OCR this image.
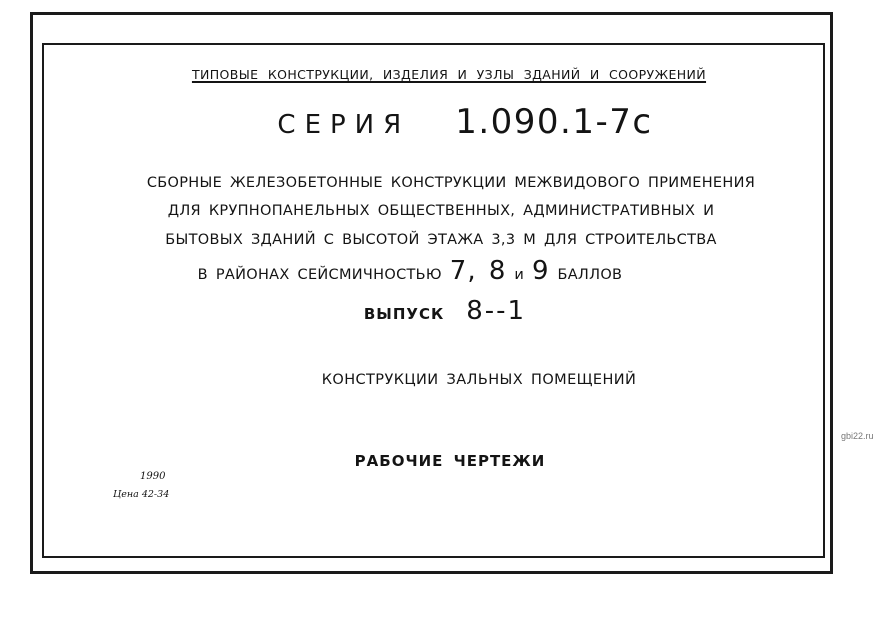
ТИПОВЫЕ КОНСТРУКЦИИ, ИЗДЕЛИЯ И УЗЛЫ ЗДАНИЙ И СООРУЖЕНИЙ
СЕРИЯ 1.090.1-7с
СБОРНЫЕ ЖЕЛЕЗОБЕТОННЫЕ КОНСТРУКЦИИ МЕЖВИДОВОГО ПРИМЕНЕНИЯ
ДЛЯ КРУПНОПАНЕЛЬНЫХ ОБЩЕСТВЕННЫХ, АДМИНИСТРАТИВНЫХ И
БЫТОВЫХ ЗДАНИЙ С ВЫСОТОЙ ЭТАЖА 3,3 М ДЛЯ СТРОИТЕЛЬСТВА
В РАЙОНАХ СЕЙСМИЧНОСТЬЮ 7, 8 и 9 БАЛЛОВ
ВЫПУСК 8--1
КОНСТРУКЦИИ ЗАЛЬНЫХ ПОМЕЩЕНИЙ
РАБОЧИЕ ЧЕРТЕЖИ
1990
Цена 42-34
gbi22.ru
